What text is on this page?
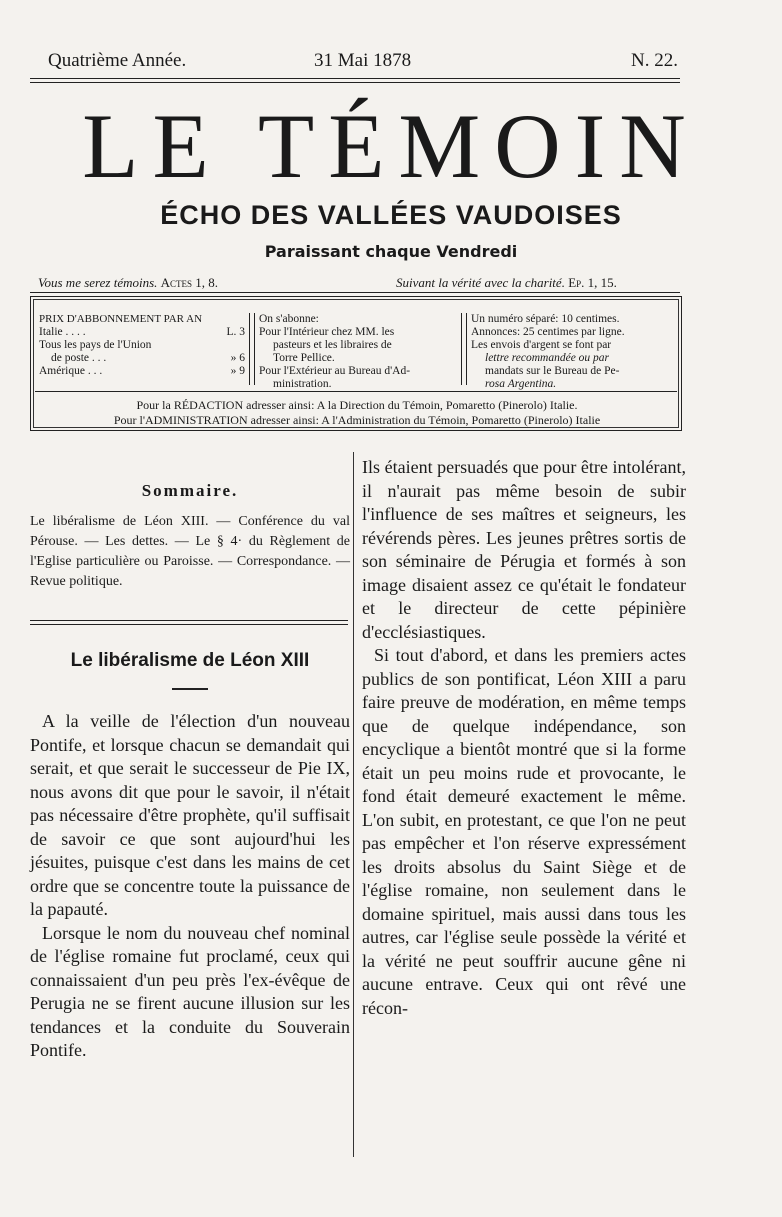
Quatrième Année.	31 Mai 1878	N. 22.
LE TÉMOIN
ÉCHO DES VALLÉES VAUDOISES
Paraissant chaque Vendredi
Vous me serez témoins. Actes 1, 8.	Suivant la vérité avec la charité. Ep. 1, 15.
PRIX D'ABBONNEMENT PAR AN
Italie . . . .	L. 3
Tous les pays de l'Union
de poste . . .	» 6
Amérique . . .	» 9
On s'abonne:
Pour l'Intérieur chez MM. les
pasteurs et les libraires de
Torre Pellice.
Pour l'Extérieur au Bureau d'Ad-
ministration.
Un numéro séparé: 10 centimes.
Annonces: 25 centimes par ligne.
Les envois d'argent se font par
lettre recommandée ou par
mandats sur le Bureau de Pe-
rosa Argentina.
Pour la RÉDACTION adresser ainsi: A la Direction du Témoin, Pomaretto (Pinerolo) Italie.
Pour l'ADMINISTRATION adresser ainsi: A l'Administration du Témoin, Pomaretto (Pinerolo) Italie
Sommaire.
Le libéralisme de Léon XIII. — Conférence du val Pérouse. — Les dettes. — Le § 4· du Règlement de l'Eglise particulière ou Paroisse. — Correspondance. — Revue politique.
Le libéralisme de Léon XIII

A la veille de l'élection d'un nouveau Pontife, et lorsque chacun se demandait qui serait, et que serait le successeur de Pie IX, nous avons dit que pour le savoir, il n'était pas nécessaire d'être prophète, qu'il suffisait de savoir ce que sont aujourd'hui les jésuites, puisque c'est dans les mains de cet ordre que se concentre toute la puissance de la papauté.

Lorsque le nom du nouveau chef nominal de l'église romaine fut proclamé, ceux qui connaissaient d'un peu près l'ex-évêque de Perugia ne se firent aucune illusion sur les tendances et la conduite du Souverain Pontife.

Ils étaient persuadés que pour être intolérant, il n'aurait pas même besoin de subir l'influence de ses maîtres et seigneurs, les révérends pères. Les jeunes prêtres sortis de son séminaire de Pérugia et formés à son image disaient assez ce qu'était le fondateur et le directeur de cette pépinière d'ecclésiastiques.

Si tout d'abord, et dans les premiers actes publics de son pontificat, Léon XIII a paru faire preuve de modération, en même temps que de quelque indépendance, son encyclique a bientôt montré que si la forme était un peu moins rude et provocante, le fond était demeuré exactement le même. L'on subit, en protestant, ce que l'on ne peut pas empêcher et l'on réserve expressément les droits absolus du Saint Siège et de l'église romaine, non seulement dans le domaine spirituel, mais aussi dans tous les autres, car l'église seule possède la vérité et la vérité ne peut souffrir aucune gêne ni aucune entrave. Ceux qui ont rêvé une récon-
